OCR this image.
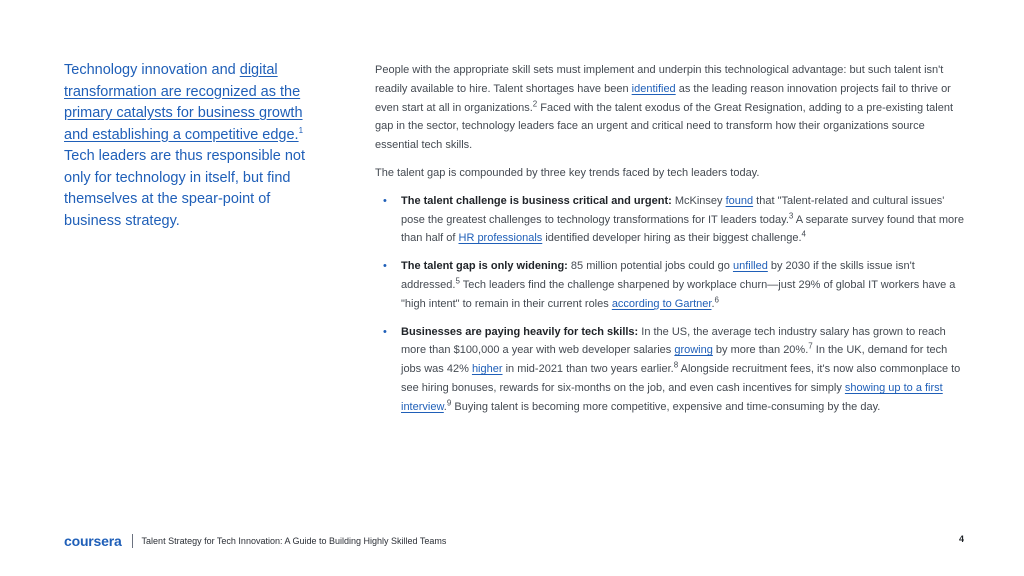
Technology innovation and digital transformation are recognized as the primary catalysts for business growth and establishing a competitive edge.$^1$ Tech leaders are thus responsible not only for technology in itself, but find themselves at the spear-point of business strategy.

People with the appropriate skill sets must implement and underpin this technological advantage: but such talent isn't readily available to hire. Talent shortages have been identified as the leading reason innovation projects fail to thrive or even start at all in organizations.$^2$ Faced with the talent exodus of the Great Resignation, adding to a pre-existing talent gap in the sector, technology leaders face an urgent and critical need to transform how their organizations source essential tech skills.

The talent gap is compounded by three key trends faced by tech leaders today.

• The talent challenge is business critical and urgent: McKinsey found that "Talent-related and cultural issues' pose the greatest challenges to technology transformations for IT leaders today.$^3$ A separate survey found that more than half of HR professionals identified developer hiring as their biggest challenge.$^4$
• The talent gap is only widening: 85 million potential jobs could go unfilled by 2030 if the skills issue isn't addressed.$^5$ Tech leaders find the challenge sharpened by workplace churn—just 29% of global IT workers have a "high intent" to remain in their current roles according to Gartner.$^6$
• Businesses are paying heavily for tech skills: In the US, the average tech industry salary has grown to reach more than $100,000 a year with web developer salaries growing by more than 20%.$^7$ In the UK, demand for tech jobs was 42% higher in mid-2021 than two years earlier.$^8$ Alongside recruitment fees, it's now also commonplace to see hiring bonuses, rewards for six-months on the job, and even cash incentives for simply showing up to a first interview.$^9$ Buying talent is becoming more competitive, expensive and time-consuming by the day.
coursera Talent Strategy for Tech Innovation: A Guide to Building Highly Skilled Teams	4
